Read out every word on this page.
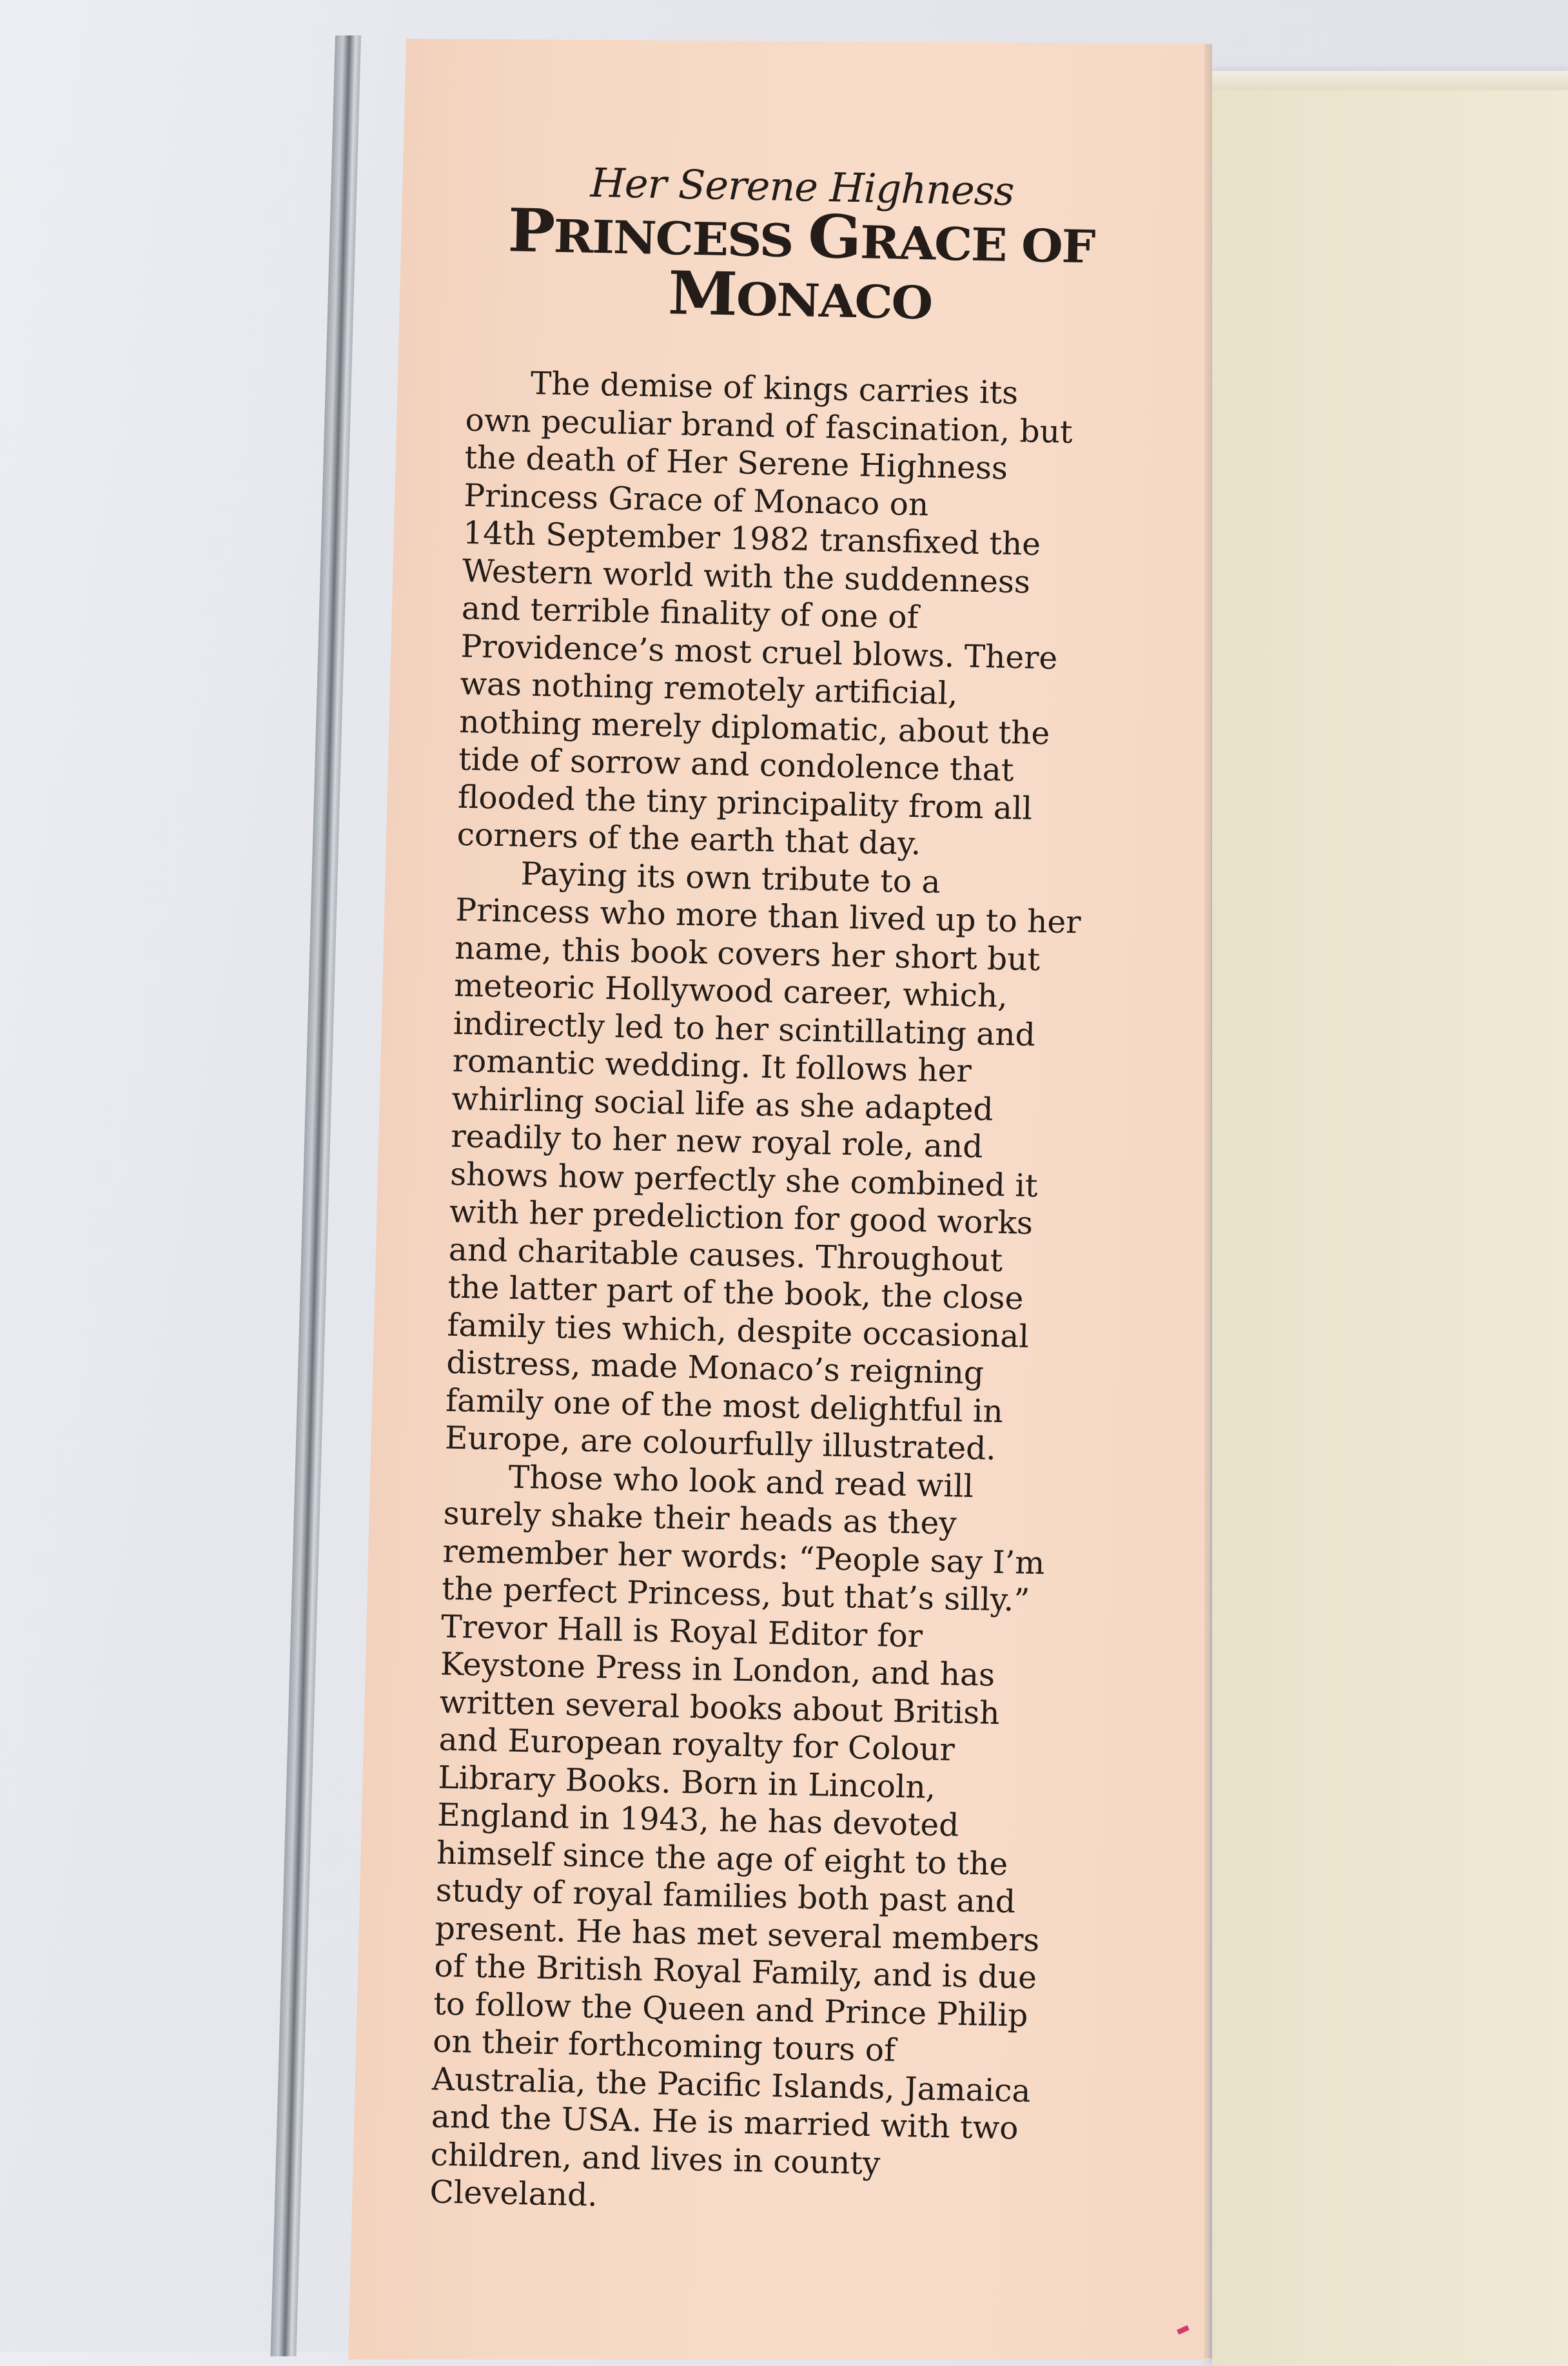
Her Serene Highness
PRINCESS GRACE OF MONACO

The demise of kings carries its
own peculiar brand of fascination, but
the death of Her Serene Highness
Princess Grace of Monaco on
14th September 1982 transfixed the
Western world with the suddenness
and terrible finality of one of
Providence’s most cruel blows. There
was nothing remotely artificial,
nothing merely diplomatic, about the
tide of sorrow and condolence that
flooded the tiny principality from all
corners of the earth that day.

Paying its own tribute to a
Princess who more than lived up to her
name, this book covers her short but
meteoric Hollywood career, which,
indirectly led to her scintillating and
romantic wedding. It follows her
whirling social life as she adapted
readily to her new royal role, and
shows how perfectly she combined it
with her predeliction for good works
and charitable causes. Throughout
the latter part of the book, the close
family ties which, despite occasional
distress, made Monaco’s reigning
family one of the most delightful in
Europe, are colourfully illustrated.

Those who look and read will
surely shake their heads as they
remember her words: “People say I’m
the perfect Princess, but that’s silly.”

Trevor Hall is Royal Editor for
Keystone Press in London, and has
written several books about British
and European royalty for Colour
Library Books. Born in Lincoln,
England in 1943, he has devoted
himself since the age of eight to the
study of royal families both past and
present. He has met several members
of the British Royal Family, and is due
to follow the Queen and Prince Philip
on their forthcoming tours of
Australia, the Pacific Islands, Jamaica
and the USA. He is married with two
children, and lives in county
Cleveland.
